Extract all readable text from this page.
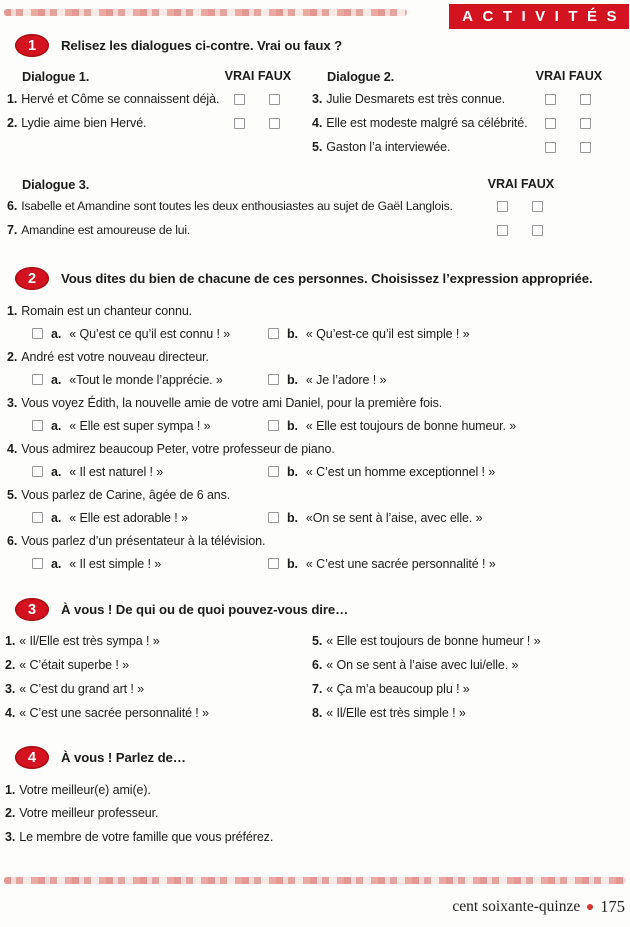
ACTIVITÉS
1 Relisez les dialogues ci-contre. Vrai ou faux ?
Dialogue 1.	VRAI FAUX
1. Hervé et Côme se connaissent déjà.
2. Lydie aime bien Hervé.
Dialogue 2.	VRAI FAUX
3. Julie Desmarets est très connue.
4. Elle est modeste malgré sa célébrité.
5. Gaston l’a interviewée.
Dialogue 3.	VRAI FAUX
6. Isabelle et Amandine sont toutes les deux enthousiastes au sujet de Gaël Langlois.
7. Amandine est amoureuse de lui.
2 Vous dites du bien de chacune de ces personnes. Choisissez l’expression appropriée.
1. Romain est un chanteur connu.
a. « Qu’est ce qu’il est connu ! »	b. « Qu’est-ce qu’il est simple ! »
2. André est votre nouveau directeur.
a. «Tout le monde l’apprécie. »	b. « Je l’adore ! »
3. Vous voyez Édith, la nouvelle amie de votre ami Daniel, pour la première fois.
a. « Elle est super sympa ! »	b. « Elle est toujours de bonne humeur. »
4. Vous admirez beaucoup Peter, votre professeur de piano.
a. « Il est naturel ! »	b. « C’est un homme exceptionnel ! »
5. Vous parlez de Carine, âgée de 6 ans.
a. « Elle est adorable ! »	b. «On se sent à l’aise, avec elle. »
6. Vous parlez d’un présentateur à la télévision.
a. « Il est simple ! »	b. « C’est une sacrée personnalité ! »
3 À vous ! De qui ou de quoi pouvez-vous dire…
1. « Il/Elle est très sympa ! »
2. « C’était superbe ! »
3. « C’est du grand art ! »
4. « C’est une sacrée personnalité ! »
5. « Elle est toujours de bonne humeur ! »
6. « On se sent à l’aise avec lui/elle. »
7. « Ça m’a beaucoup plu ! »
8. « Il/Elle est très simple ! »
4 À vous ! Parlez de…
1. Votre meilleur(e) ami(e).
2. Votre meilleur professeur.
3. Le membre de votre famille que vous préférez.
cent soixante-quinze 175
